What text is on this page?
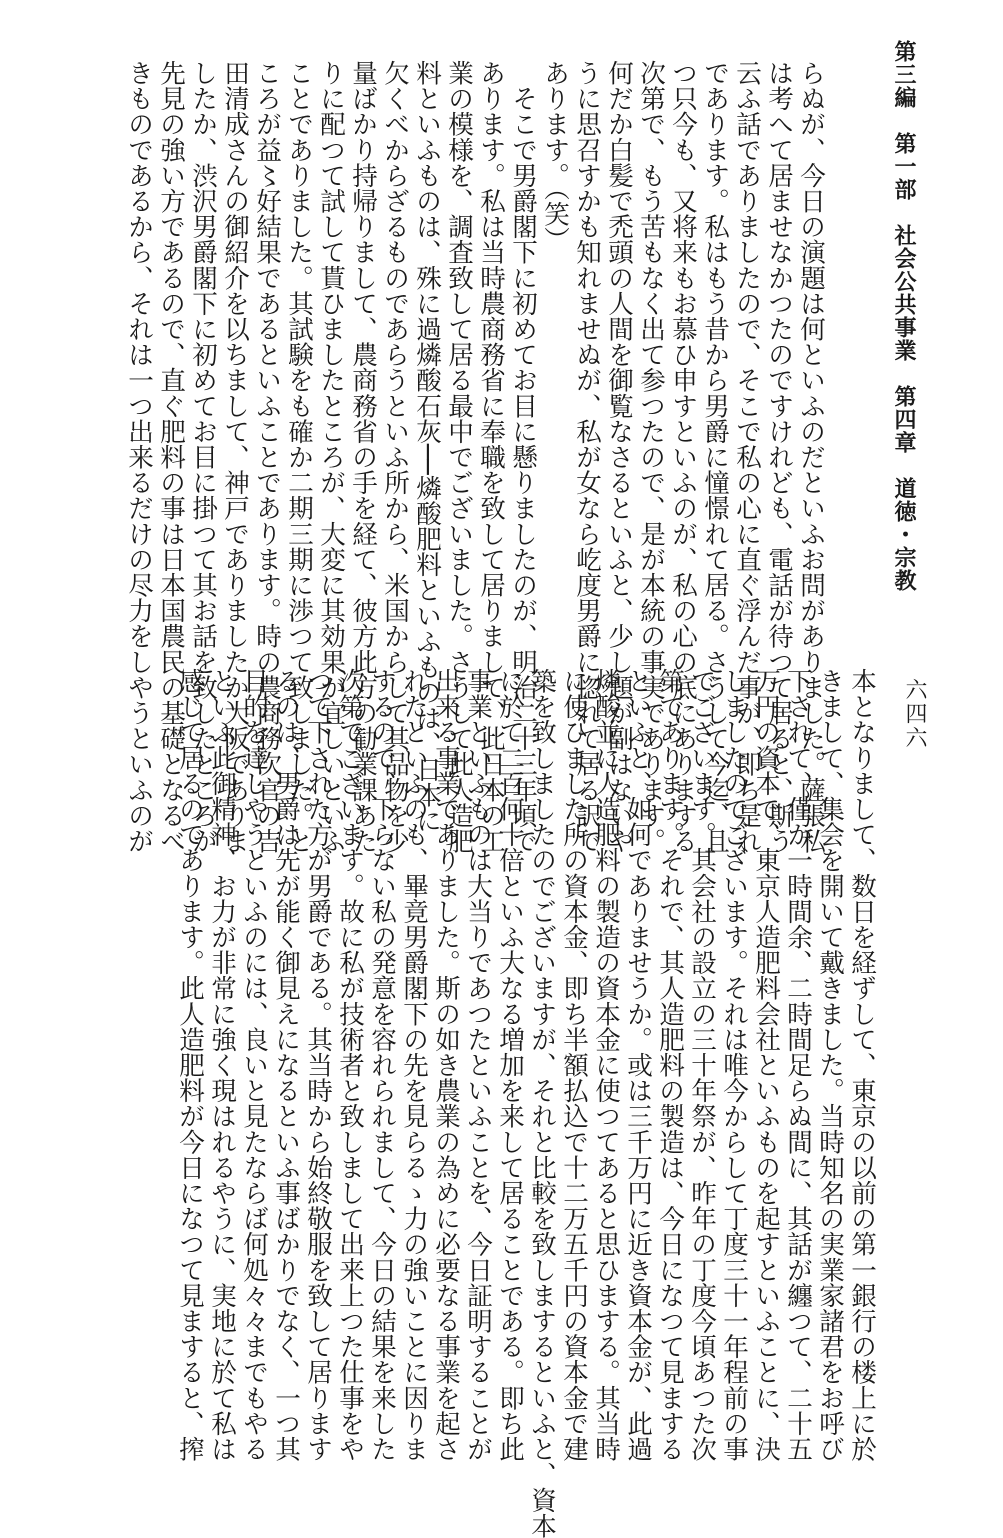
第三編　第一部　社会公共事業　第四章　道徳・宗教
六四六
らぬが、今日の演題は何といふのだといふお問がありました。薩張私
は考へて居ませなかつたのですけれども、電話が待つて居ると、斯う
云ふ話でありましたので、そこで私の心に直ぐ浮んだ事が、即ち是れ
であります。私はもう昔から男爵に憧憬れて居る。さうして今迄、且
つ只今も、又将来もお慕ひ申すといふのが、私の心の底にありまする
次第で、もう苦もなく出て参つたので、是が本統の事実であります。
何だか白髪で禿頭の人間を御覧なさるといふと、少し題が副はないや
うに思召すかも知れませぬが、私が女なら屹度男爵に惚れて居る訳で
あります。（笑）
　そこで男爵閣下に初めてお目に懸りましたのが、明治二十三年頃で
あります。私は当時農商務省に奉職を致して居りまして、此日本の工
業の模様を、調査致して居る最中でございました。さうして此人造肥
料といふものは、殊に過燐酸石灰──燐酸肥料といふものは、日本に
欠くべからざるものであらうといふ所から、米国からして其品物を少
量ばかり持帰りまして、農商務省の手を経て、彼方此方の勧業課あた
りに配つて試して貰ひましたところが、大変に其効果が宜しいといふ
ことでありました。其試験をも確か二期三期に渉つて致しました。と
ころが益〻好結果であるといふことであります。時の農商務次官の吉
田清成さんの御紹介を以ちまして、神戸でありましたか大阪でありま
したか、渋沢男爵閣下に初めてお目に掛つて其お話を致したところが
先見の強い方であるので、直ぐ肥料の事は日本国農民の基礎となるべ
きものであるから、それは一つ出来るだけの尽力をしやうといふのが
本となりまして、数日を経ずして、東京の以前の第一銀行の楼上に於
きまして、集会を開いて戴きました。当時知名の実業家諸君をお呼び
下されて、僅か一時間余、二時間足らぬ間に、其話が纏つて、二十五
万円の資本で、東京人造肥料会社といふものを起すといふことに、決
しましたのでございます。それは唯今からして丁度三十一年程前の事
でございます。其会社の設立の三十年祭が、昨年の丁度今頃あつた次
第であります。それで、其人造肥料の製造は、今日になつて見まする
といふと、如何でありませうか。或は三千万円に近き資本金が、此過
燐酸並に人造肥料の製造の資本金に使つてあると思ひまする。其当時
に使ひました所の資本金、即ち半額払込で十二万五千円の資本金で建
築を致しましたのでございますが、それと比較を致しまするといふと、資本
に於て二百何十倍といふ大なる増加を来して居ることである。即ち此
事業といふものは大当りであつたといふことを、今日証明することが
出来る事業でありました。斯の如き農業の為めに必要なる事業を起さ
れたといふのも、畢竟男爵閣下の先を見らるゝ力の強いことに因りま
するので、下らない私の発意を容れられまして、今日の結果を来した
次第でございます。故に私が技術者と致しまして出来上つた仕事をや
つて下された方が男爵である。其当時から始終敬服を致して居ります
るのは、男爵は先が能く御見えになるといふ事ばかりでなく、一つ其
目的を達しやうといふのには、良いと見たならば何処々々までもやる
といふ此御精神、お力が非常に強く現はれるやうに、実地に於て私は
感じて居るのであります。此人造肥料が今日になつて見ますると、搾
